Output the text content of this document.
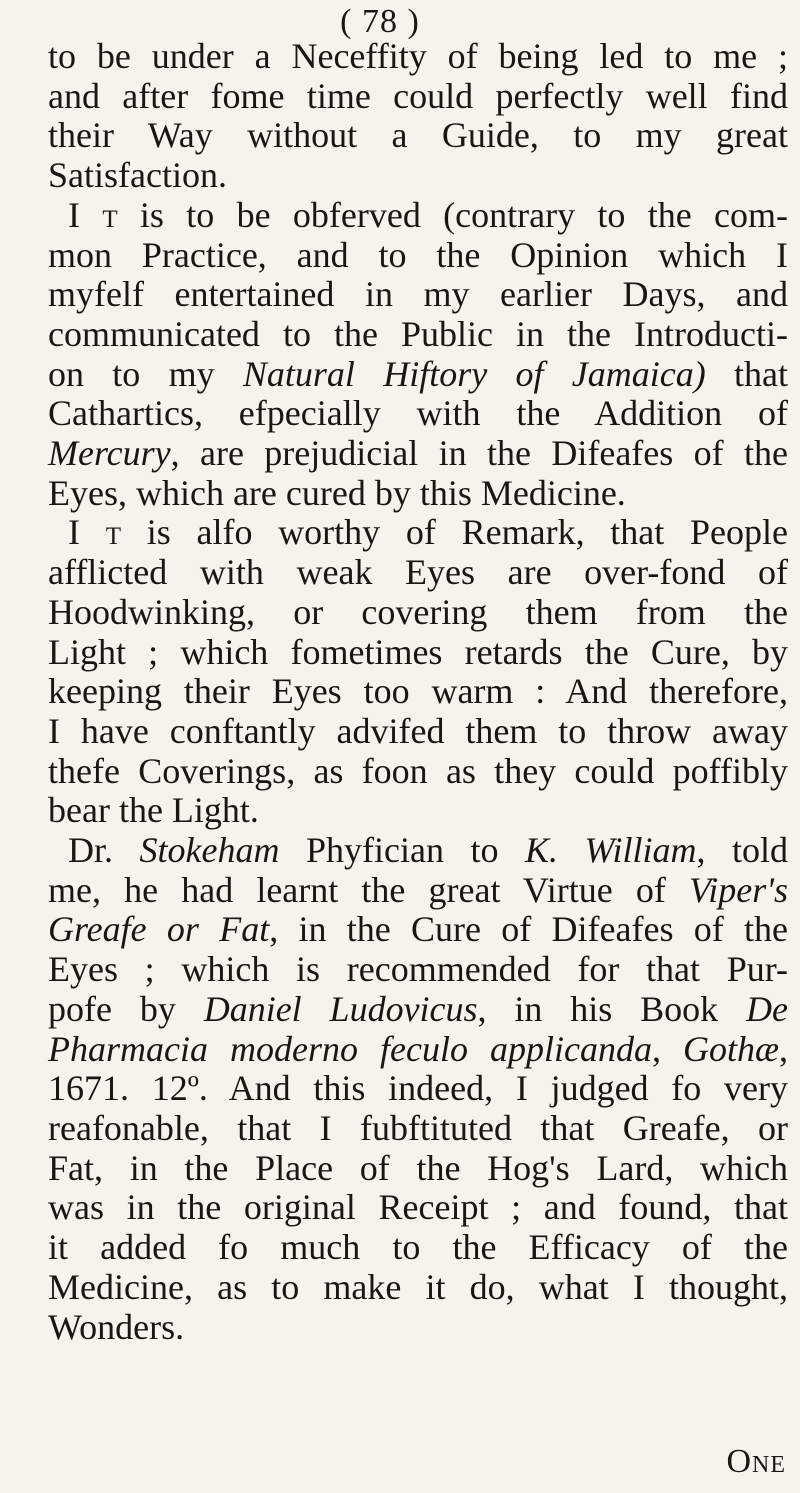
( 78 )
to be under a Neceffity of being led to me ;
and after fome time could perfectly well find
their Way without a Guide, to my great
Satisfaction.
I t is to be obferved (contrary to the com-
mon Practice, and to the Opinion which I
myfelf entertained in my earlier Days, and
communicated to the Public in the Introducti-
on to my Natural Hiftory of Jamaica) that
Cathartics, efpecially with the Addition of
Mercury, are prejudicial in the Difeafes of the
Eyes, which are cured by this Medicine.
I t is alfo worthy of Remark, that People
afflicted with weak Eyes are over-fond of
Hoodwinking, or covering them from the
Light ; which fometimes retards the Cure, by
keeping their Eyes too warm : And therefore,
I have conftantly advifed them to throw away
thefe Coverings, as foon as they could poffibly
bear the Light.
Dr. Stokeham Phyfician to K. William, told
me, he had learnt the great Virtue of Viper's
Greafe or Fat, in the Cure of Difeafes of the
Eyes ; which is recommended for that Pur-
pofe by Daniel Ludovicus, in his Book De
Pharmacia moderno feculo applicanda, Gothæ,
1671. 12º. And this indeed, I judged fo very
reafonable, that I fubftituted that Greafe, or
Fat, in the Place of the Hog's Lard, which
was in the original Receipt ; and found, that
it added fo much to the Efficacy of the
Medicine, as to make it do, what I thought,
Wonders.
One
